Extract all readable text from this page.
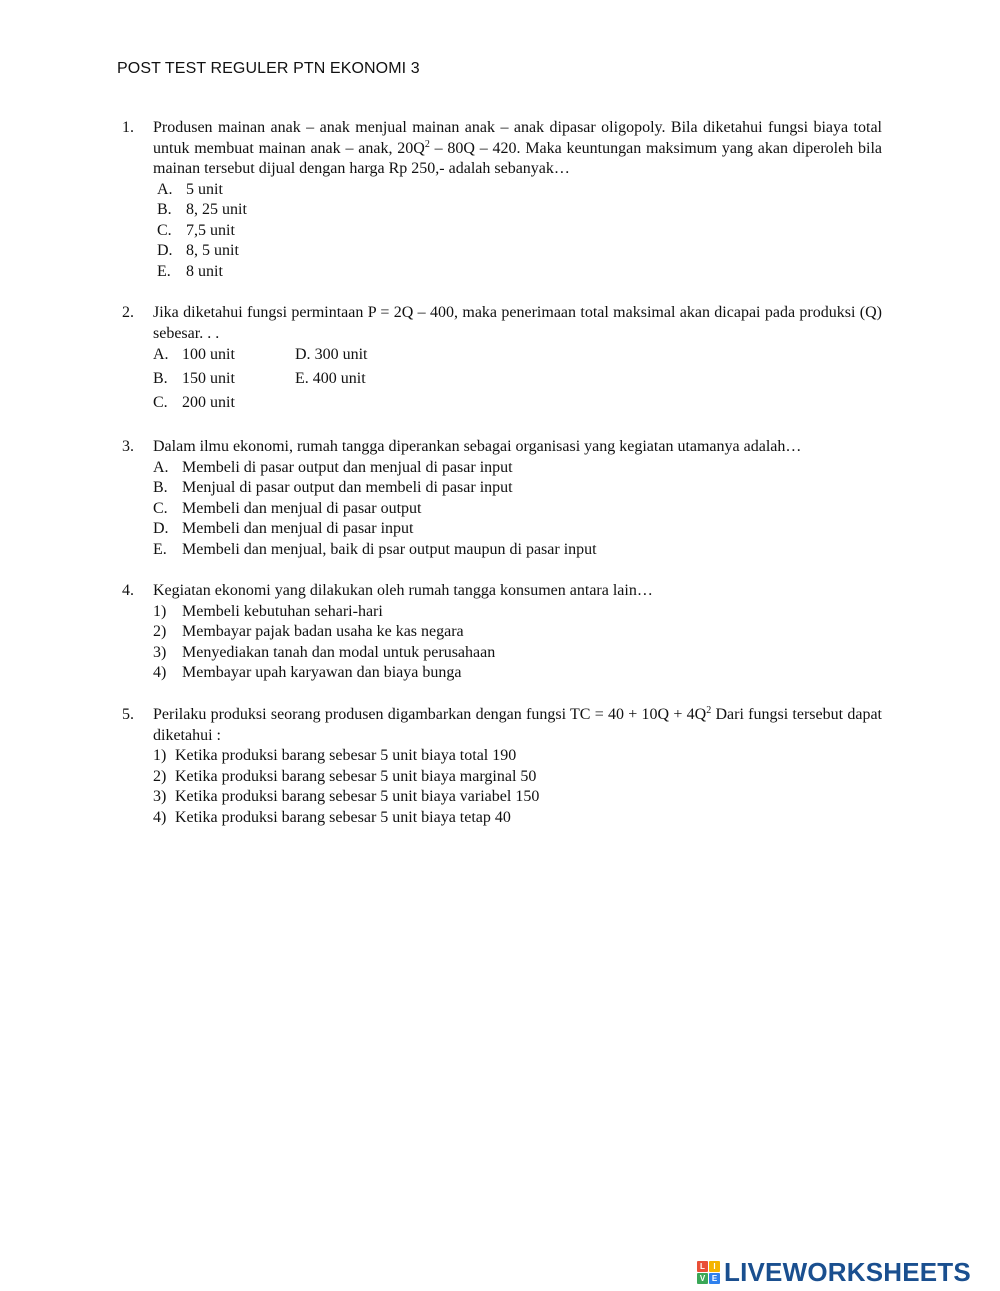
POST TEST REGULER PTN EKONOMI 3
1. Produsen mainan anak – anak menjual mainan anak – anak dipasar oligopoly. Bila diketahui fungsi biaya total untuk membuat mainan anak – anak, $20Q^2 - 80Q - 420$. Maka keuntungan maksimum yang akan diperoleh bila mainan tersebut dijual dengan harga Rp 250,- adalah sebanyak…
A. 5 unit
B. 8, 25 unit
C. 7,5 unit
D. 8, 5 unit
E. 8 unit
2. Jika diketahui fungsi permintaan P = 2Q – 400, maka penerimaan total maksimal akan dicapai pada produksi (Q) sebesar. . .
A. 100 unit	D. 300 unit
B. 150 unit	E. 400 unit
C. 200 unit
3. Dalam ilmu ekonomi, rumah tangga diperankan sebagai organisasi yang kegiatan utamanya adalah…
A. Membeli di pasar output dan menjual di pasar input
B. Menjual di pasar output dan membeli di pasar input
C. Membeli dan menjual di pasar output
D. Membeli dan menjual di pasar input
E. Membeli dan menjual, baik di psar output maupun di pasar input
4. Kegiatan ekonomi yang dilakukan oleh rumah tangga konsumen antara lain…
1) Membeli kebutuhan sehari-hari
2) Membayar pajak badan usaha ke kas negara
3) Menyediakan tanah dan modal untuk perusahaan
4) Membayar upah karyawan dan biaya bunga
5. Perilaku produksi seorang produsen digambarkan dengan fungsi TC = $40 + 10Q + 4Q^2$ Dari fungsi tersebut dapat diketahui :
1) Ketika produksi barang sebesar 5 unit biaya total 190
2) Ketika produksi barang sebesar 5 unit biaya marginal 50
3) Ketika produksi barang sebesar 5 unit biaya variabel 150
4) Ketika produksi barang sebesar 5 unit biaya tetap 40
L	I
V E LIVEWORKSHEETS
